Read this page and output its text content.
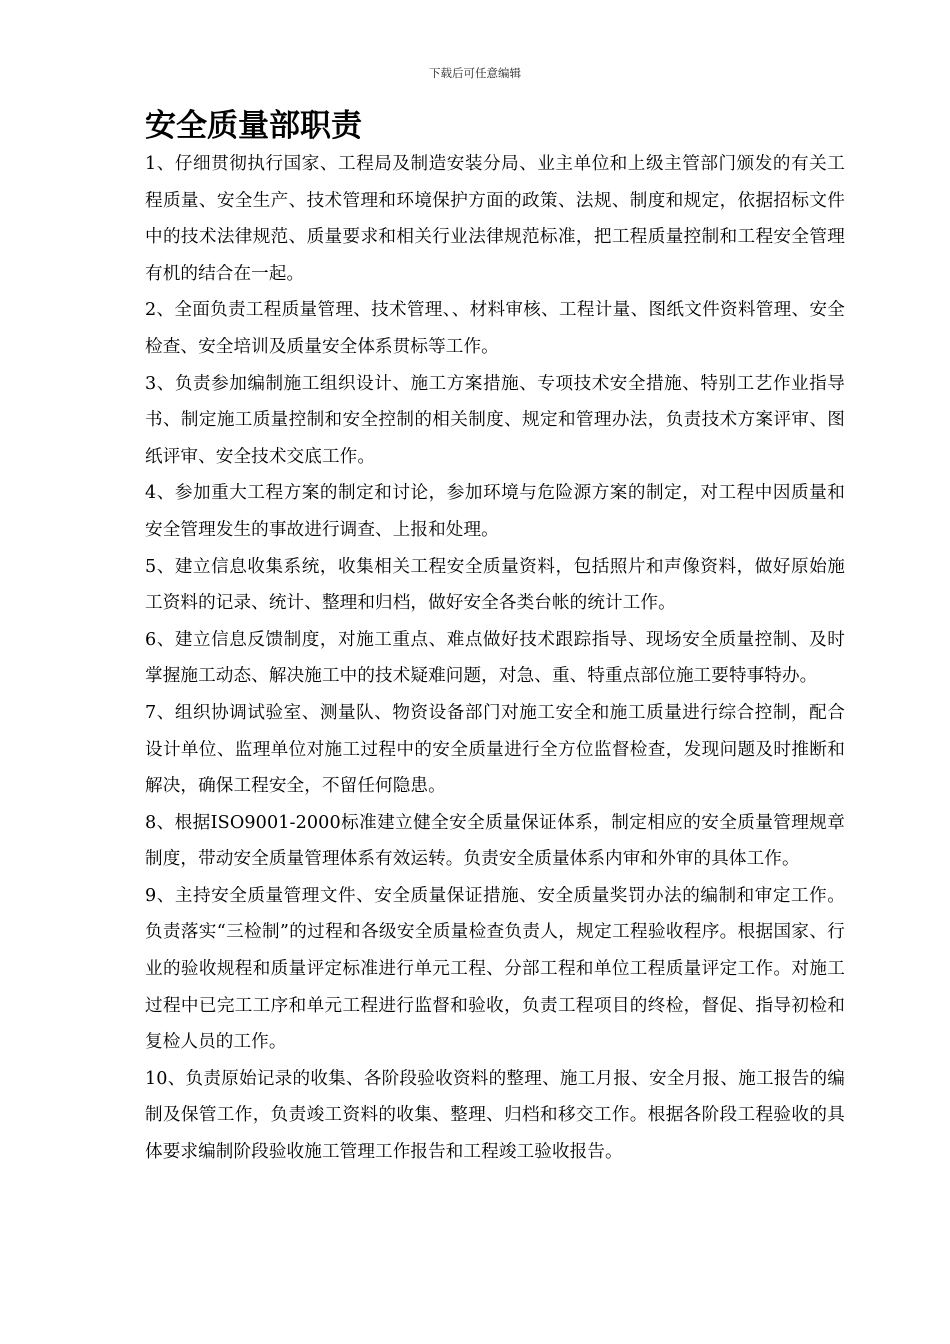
下载后可任意编辑
安全质量部职责

1、仔细贯彻执行国家、工程局及制造安装分局、业主单位和上级主管部门颁发的有关工程质量、安全生产、技术管理和环境保护方面的政策、法规、制度和规定，依据招标文件中的技术法律规范、质量要求和相关行业法律规范标准，把工程质量控制和工程安全管理有机的结合在一起。

2、全面负责工程质量管理、技术管理、、材料审核、工程计量、图纸文件资料管理、安全检查、安全培训及质量安全体系贯标等工作。

3、负责参加编制施工组织设计、施工方案措施、专项技术安全措施、特别工艺作业指导书、制定施工质量控制和安全控制的相关制度、规定和管理办法，负责技术方案评审、图纸评审、安全技术交底工作。

4、参加重大工程方案的制定和讨论，参加环境与危险源方案的制定，对工程中因质量和安全管理发生的事故进行调查、上报和处理。

5、建立信息收集系统，收集相关工程安全质量资料，包括照片和声像资料，做好原始施工资料的记录、统计、整理和归档，做好安全各类台帐的统计工作。

6、建立信息反馈制度，对施工重点、难点做好技术跟踪指导、现场安全质量控制、及时掌握施工动态、解决施工中的技术疑难问题，对急、重、特重点部位施工要特事特办。

7、组织协调试验室、测量队、物资设备部门对施工安全和施工质量进行综合控制，配合设计单位、监理单位对施工过程中的安全质量进行全方位监督检查，发现问题及时推断和解决，确保工程安全，不留任何隐患。

8、根据ISO9001-2000标准建立健全安全质量保证体系，制定相应的安全质量管理规章制度，带动安全质量管理体系有效运转。负责安全质量体系内审和外审的具体工作。

9、主持安全质量管理文件、安全质量保证措施、安全质量奖罚办法的编制和审定工作。负责落实“三检制”的过程和各级安全质量检查负责人，规定工程验收程序。根据国家、行业的验收规程和质量评定标准进行单元工程、分部工程和单位工程质量评定工作。对施工过程中已完工工序和单元工程进行监督和验收，负责工程项目的终检，督促、指导初检和复检人员的工作。

10、负责原始记录的收集、各阶段验收资料的整理、施工月报、安全月报、施工报告的编制及保管工作，负责竣工资料的收集、整理、归档和移交工作。根据各阶段工程验收的具体要求编制阶段验收施工管理工作报告和工程竣工验收报告。
